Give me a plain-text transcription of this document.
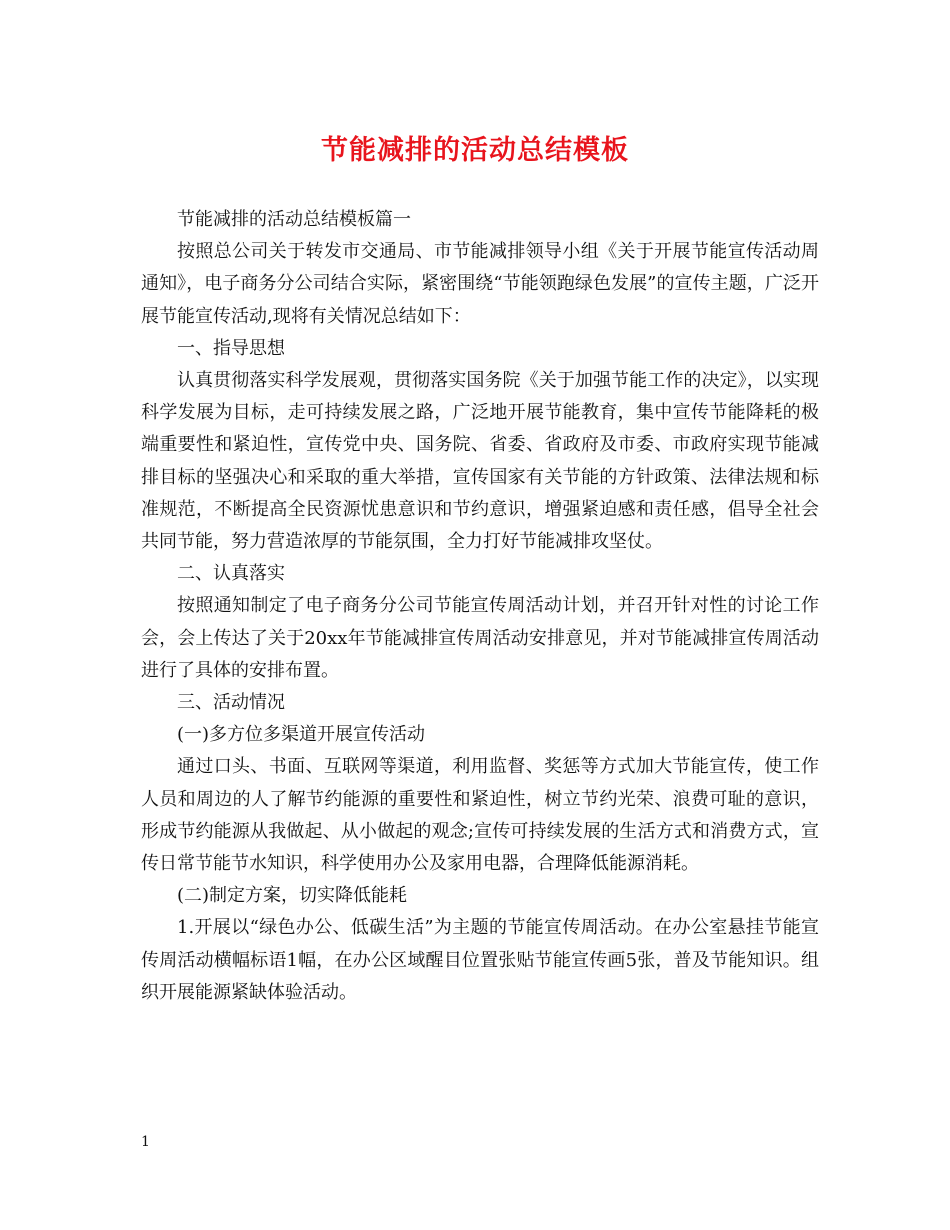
节能减排的活动总结模板

节能减排的活动总结模板篇一

按照总公司关于转发市交通局、市节能减排领导小组《关于开展节能宣传活动周通知》，电子商务分公司结合实际，紧密围绕“节能领跑绿色发展”的宣传主题，广泛开展节能宣传活动,现将有关情况总结如下：

一、指导思想

认真贯彻落实科学发展观，贯彻落实国务院《关于加强节能工作的决定》，以实现科学发展为目标，走可持续发展之路，广泛地开展节能教育，集中宣传节能降耗的极端重要性和紧迫性，宣传党中央、国务院、省委、省政府及市委、市政府实现节能减排目标的坚强决心和采取的重大举措，宣传国家有关节能的方针政策、法律法规和标准规范，不断提高全民资源忧患意识和节约意识，增强紧迫感和责任感，倡导全社会共同节能，努力营造浓厚的节能氛围，全力打好节能减排攻坚仗。

二、认真落实

按照通知制定了电子商务分公司节能宣传周活动计划，并召开针对性的讨论工作会，会上传达了关于20xx年节能减排宣传周活动安排意见，并对节能减排宣传周活动进行了具体的安排布置。

三、活动情况

(一)多方位多渠道开展宣传活动

通过口头、书面、互联网等渠道，利用监督、奖惩等方式加大节能宣传，使工作人员和周边的人了解节约能源的重要性和紧迫性，树立节约光荣、浪费可耻的意识，形成节约能源从我做起、从小做起的观念;宣传可持续发展的生活方式和消费方式，宣传日常节能节水知识，科学使用办公及家用电器，合理降低能源消耗。

(二)制定方案，切实降低能耗

1.开展以“绿色办公、低碳生活”为主题的节能宣传周活动。在办公室悬挂节能宣传周活动横幅标语1幅，在办公区域醒目位置张贴节能宣传画5张，普及节能知识。组织开展能源紧缺体验活动。

1
